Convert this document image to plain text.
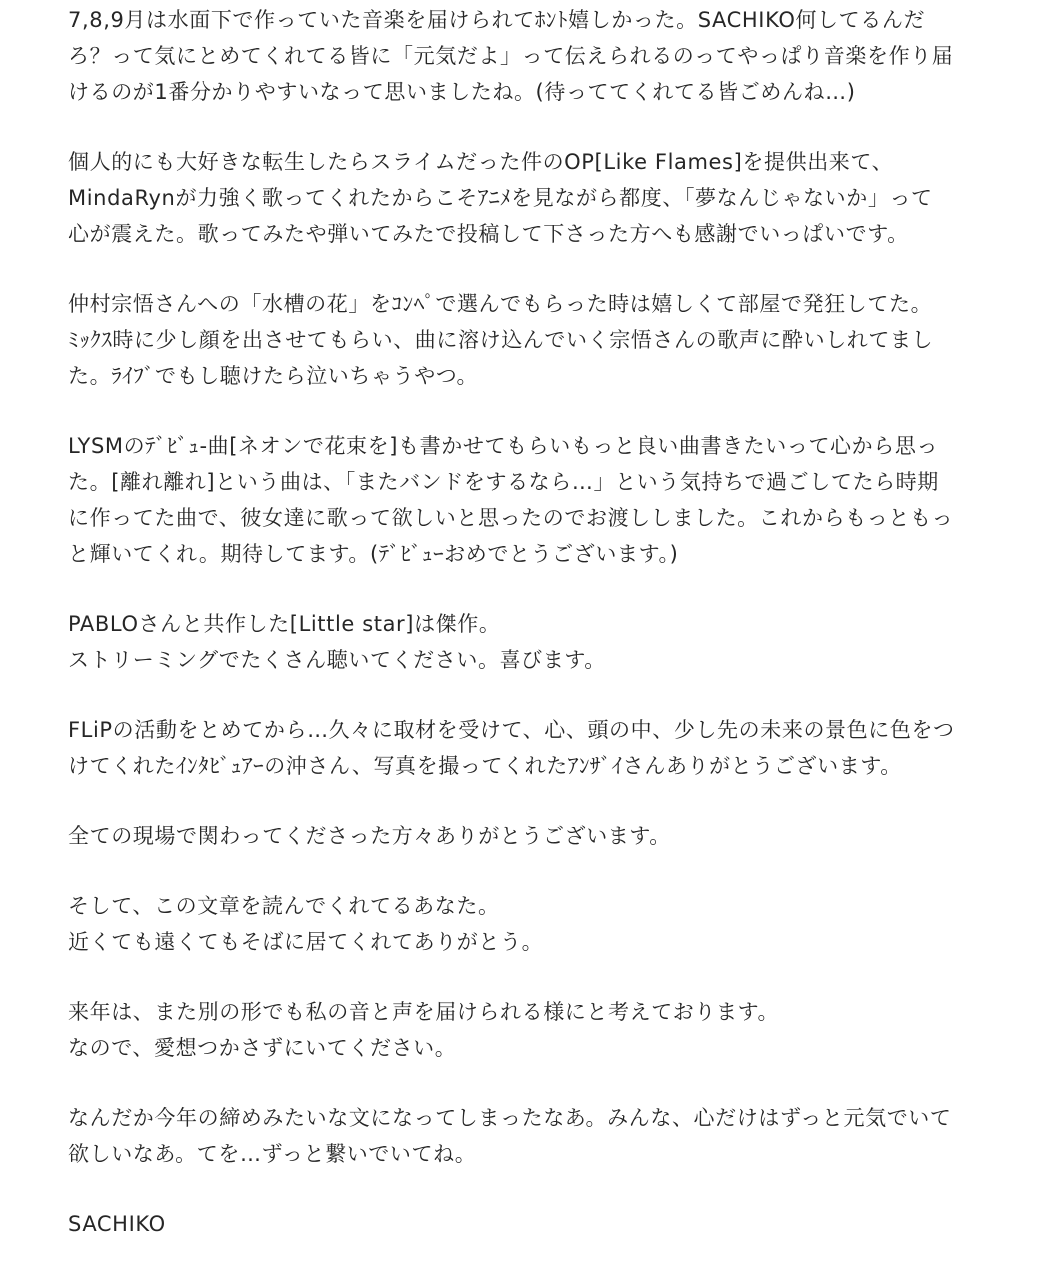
7,8,9月は水面下で作っていた音楽を届けられてﾎﾝﾄ嬉しかった。SACHIKO何してるんだ
ろ？って気にとめてくれてる皆に「元気だよ」って伝えられるのってやっぱり音楽を作り届
けるのが1番分かりやすいなって思いましたね。(待っててくれてる皆ごめんね…)
個人的にも大好きな転生したらスライムだった件のOP[Like Flames]を提供出来て、
MindaRynが力強く歌ってくれたからこそｱﾆﾒを見ながら都度、「夢なんじゃないか」って
心が震えた。歌ってみたや弾いてみたで投稿して下さった方へも感謝でいっぱいです。
仲村宗悟さんへの「水槽の花」をｺﾝﾍﾟで選んでもらった時は嬉しくて部屋で発狂してた。
ﾐｯｸｽ時に少し顔を出させてもらい、曲に溶け込んでいく宗悟さんの歌声に酔いしれてまし
た。ﾗｲﾌﾞでもし聴けたら泣いちゃうやつ。
LYSMのﾃﾞﾋﾞｭ-曲[ネオンで花束を]も書かせてもらいもっと良い曲書きたいって心から思っ
た。[離れ離れ]という曲は、「またバンドをするなら…」という気持ちで過ごしてたら時期
に作ってた曲で、彼女達に歌って欲しいと思ったのでお渡ししました。これからもっともっ
と輝いてくれ。期待してます。(ﾃﾞﾋﾞｭｰおめでとうございます。)
PABLOさんと共作した[Little star]は傑作。
ストリーミングでたくさん聴いてください。喜びます。
FLiPの活動をとめてから…久々に取材を受けて、心、頭の中、少し先の未来の景色に色をつ
けてくれたｲﾝﾀﾋﾞｭｱｰの沖さん、写真を撮ってくれたｱﾝｻﾞｲさんありがとうございます。
全ての現場で関わってくださった方々ありがとうございます。
そして、この文章を読んでくれてるあなた。
近くても遠くてもそばに居てくれてありがとう。
来年は、また別の形でも私の音と声を届けられる様にと考えております。
なので、愛想つかさずにいてください。
なんだか今年の締めみたいな文になってしまったなあ。みんな、心だけはずっと元気でいて
欲しいなあ。てを…ずっと繋いでいてね。
SACHIKO
